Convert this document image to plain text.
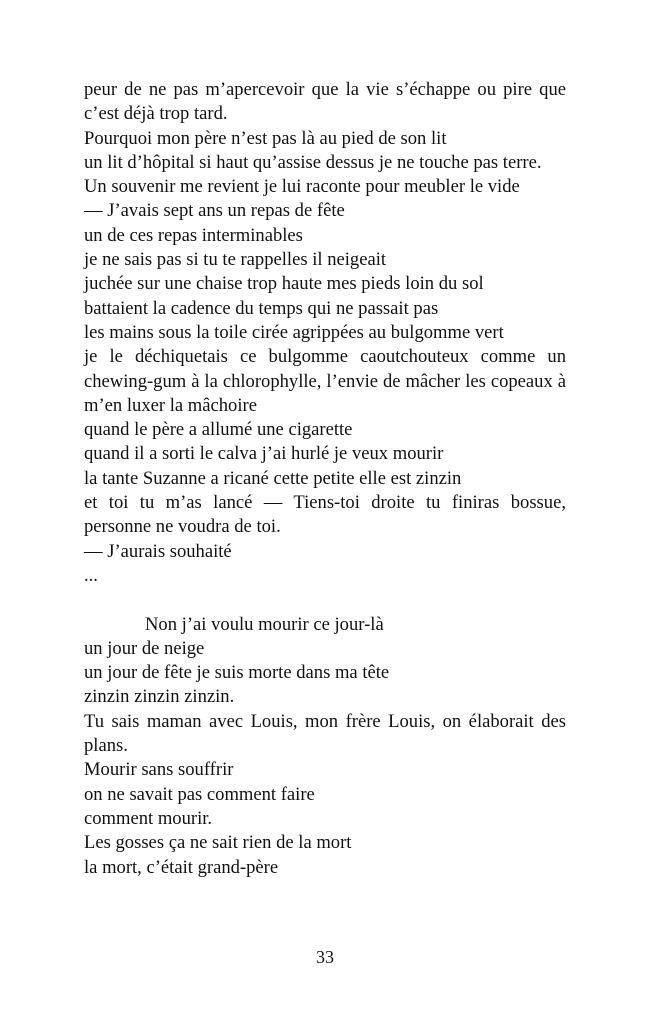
peur de ne pas m’apercevoir que la vie s’échappe ou pire que c’est déjà trop tard.
Pourquoi mon père n’est pas là au pied de son lit
un lit d’hôpital si haut qu’assise dessus je ne touche pas terre.
Un souvenir me revient je lui raconte pour meubler le vide
— J’avais sept ans un repas de fête
un de ces repas interminables
je ne sais pas si tu te rappelles il neigeait
juchée sur une chaise trop haute mes pieds loin du sol
battaient la cadence du temps qui ne passait pas
les mains sous la toile cirée agrippées au bulgomme vert
je le déchiquetais ce bulgomme caoutchouteux comme un chewing-gum à la chlorophylle, l’envie de mâcher les copeaux à m’en luxer la mâchoire
quand le père a allumé une cigarette
quand il a sorti le calva j’ai hurlé je veux mourir
la tante Suzanne a ricané cette petite elle est zinzin
et toi tu m’as lancé — Tiens-toi droite tu finiras bossue, personne ne voudra de toi.
— J’aurais souhaité
...
Non j’ai voulu mourir ce jour-là
un jour de neige
un jour de fête je suis morte dans ma tête
zinzin zinzin zinzin.
Tu sais maman avec Louis, mon frère Louis, on élaborait des plans.
Mourir sans souffrir
on ne savait pas comment faire
comment mourir.
Les gosses ça ne sait rien de la mort
la mort, c’était grand-père
33
